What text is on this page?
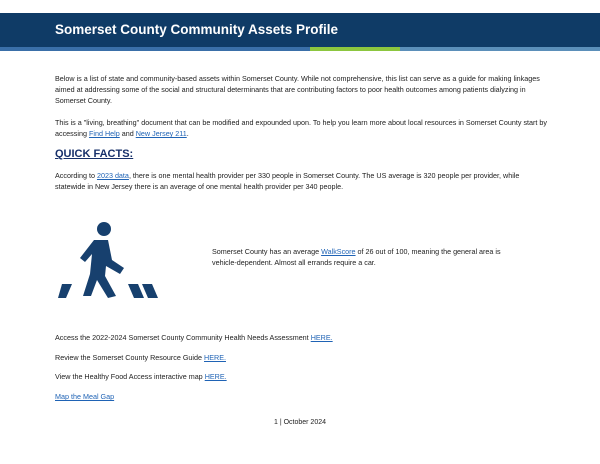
Somerset County Community Assets Profile

Below is a list of state and community-based assets within Somerset County. While not comprehensive, this list can serve as a guide for making linkages aimed at addressing some of the social and structural determinants that are contributing factors to poor health outcomes among patients dialyzing in Somerset County.

This is a "living, breathing" document that can be modified and expounded upon. To help you learn more about local resources in Somerset County start by accessing Find Help and New Jersey 211.

QUICK FACTS:

According to 2023 data, there is one mental health provider per 330 people in Somerset County. The US average is 320 people per provider, while statewide in New Jersey there is an average of one mental health provider per 340 people.

Somerset County has an average WalkScore of 26 out of 100, meaning the general area is vehicle-dependent. Almost all errands require a car.

Access the 2022-2024 Somerset County Community Health Needs Assessment HERE.

Review the Somerset County Resource Guide HERE.

View the Healthy Food Access interactive map HERE.

Map the Meal Gap

1 | October 2024
